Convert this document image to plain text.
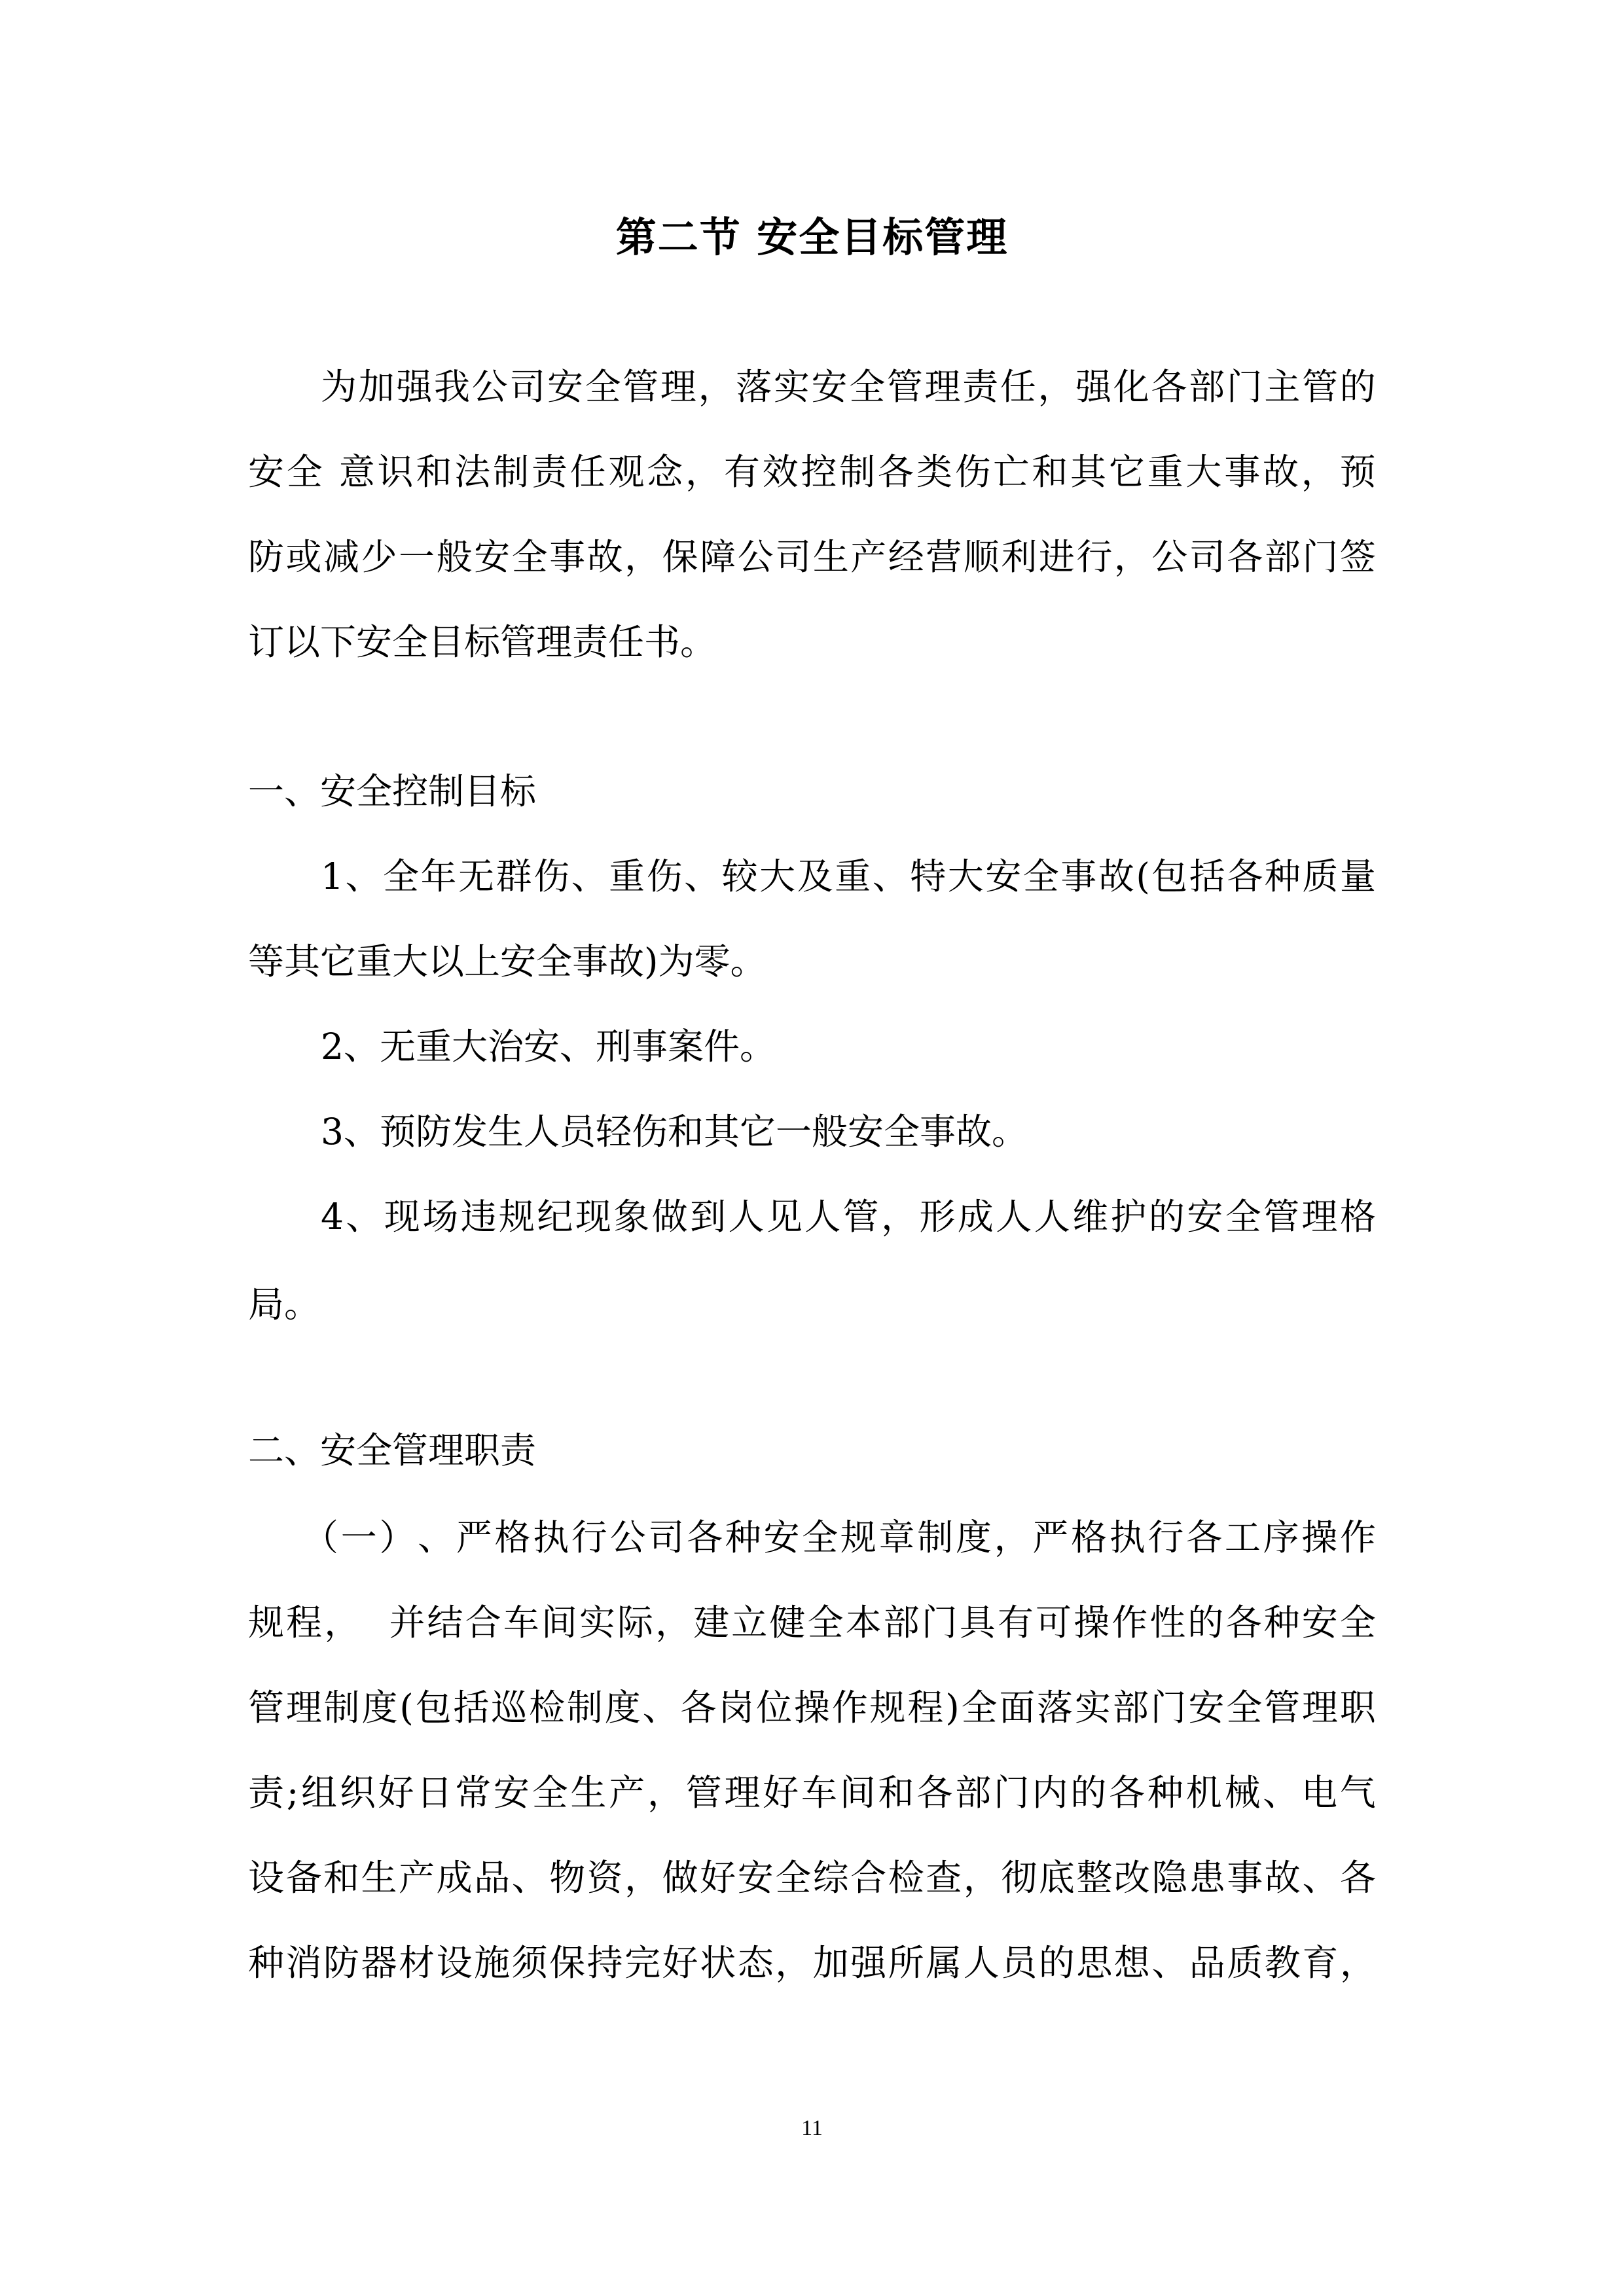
第二节 安全目标管理
为加强我公司安全管理，落实安全管理责任，强化各部门主管的
安全 意识和法制责任观念，有效控制各类伤亡和其它重大事故，预
防或减少一般安全事故，保障公司生产经营顺利进行，公司各部门签
订以下安全目标管理责任书。
一、安全控制目标
1、全年无群伤、重伤、较大及重、特大安全事故(包括各种质量
等其它重大以上安全事故)为零。
2、无重大治安、刑事案件。
3、预防发生人员轻伤和其它一般安全事故。
4、现场违规纪现象做到人见人管，形成人人维护的安全管理格
局。
二、安全管理职责
（一）、严格执行公司各种安全规章制度，严格执行各工序操作
规程， 并结合车间实际，建立健全本部门具有可操作性的各种安全
管理制度(包括巡检制度、各岗位操作规程)全面落实部门安全管理职
责;组织好日常安全生产，管理好车间和各部门内的各种机械、电气
设备和生产成品、物资，做好安全综合检查，彻底整改隐患事故、各
种消防器材设施须保持完好状态，加强所属人员的思想、品质教育，
11
